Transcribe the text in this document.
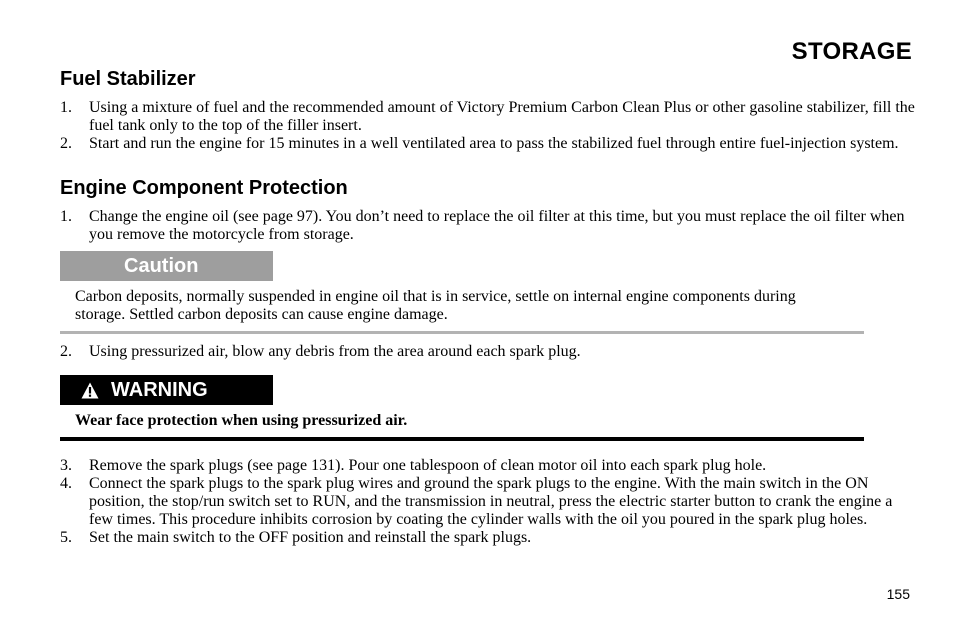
STORAGE
Fuel Stabilizer
1.	Using a mixture of fuel and the recommended amount of Victory Premium Carbon Clean Plus or other gasoline stabilizer, fill the fuel tank only to the top of the filler insert.
2.	Start and run the engine for 15 minutes in a well ventilated area to pass the stabilized fuel through entire fuel-injection system.
Engine Component Protection
1.	Change the engine oil (see page 97). You don’t need to replace the oil filter at this time, but you must replace the oil filter when you remove the motorcycle from storage.
Caution
Carbon deposits, normally suspended in engine oil that is in service, settle on internal engine components during storage. Settled carbon deposits can cause engine damage.
2.	Using pressurized air, blow any debris from the area around each spark plug.
WARNING
Wear face protection when using pressurized air.
3.	Remove the spark plugs (see page 131). Pour one tablespoon of clean motor oil into each spark plug hole.
4.	Connect the spark plugs to the spark plug wires and ground the spark plugs to the engine. With the main switch in the ON position, the stop/run switch set to RUN, and the transmission in neutral, press the electric starter button to crank the engine a few times. This procedure inhibits corrosion by coating the cylinder walls with the oil you poured in the spark plug holes.
5.	Set the main switch to the OFF position and reinstall the spark plugs.
155
